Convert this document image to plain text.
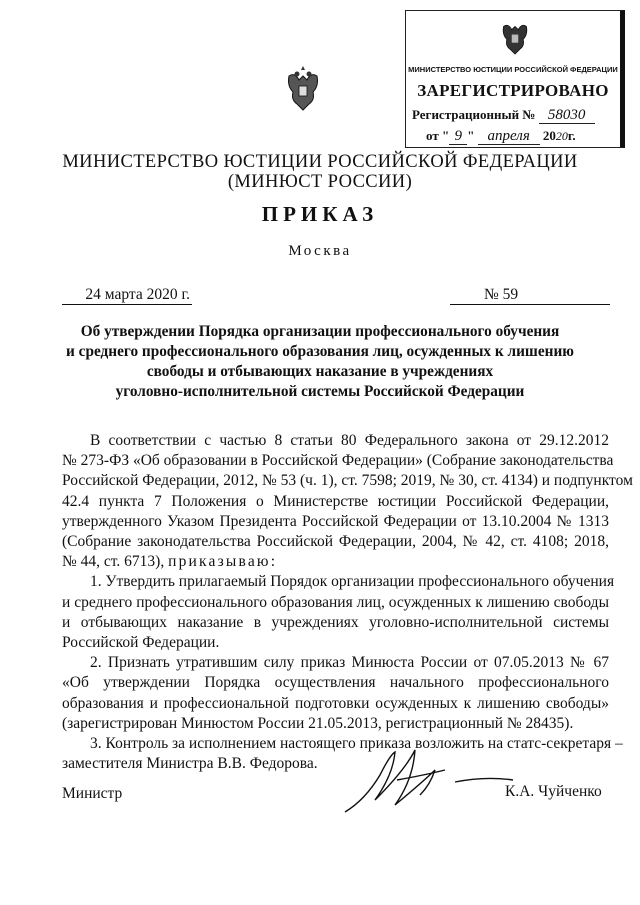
МИНИСТЕРСТВО ЮСТИЦИИ РОССИЙСКОЙ ФЕДЕРАЦИИ
ЗАРЕГИСТРИРОВАНО
Регистрационный № 58030
от " 9 " апреля 2020г.
МИНИСТЕРСТВО ЮСТИЦИИ РОССИЙСКОЙ ФЕДЕРАЦИИ
(МИНЮСТ РОССИИ)
ПРИКАЗ
Москва
24 марта 2020 г.	№ 59
Об утверждении Порядка организации профессионального обучения
и среднего профессионального образования лиц, осужденных к лишению
свободы и отбывающих наказание в учреждениях
уголовно-исполнительной системы Российской Федерации
В соответствии с частью 8 статьи 80 Федерального закона от 29.12.2012
№ 273-ФЗ «Об образовании в Российской Федерации» (Собрание законодательства
Российской Федерации, 2012, № 53 (ч. 1), ст. 7598; 2019, № 30, ст. 4134) и подпунктом
42.4 пункта 7 Положения о Министерстве юстиции Российской Федерации,
утвержденного Указом Президента Российской Федерации от 13.10.2004 № 1313
(Собрание законодательства Российской Федерации, 2004, № 42, ст. 4108; 2018,
№ 44, ст. 6713), приказываю:
1. Утвердить прилагаемый Порядок организации профессионального обучения
и среднего профессионального образования лиц, осужденных к лишению свободы
и отбывающих наказание в учреждениях уголовно-исполнительной системы
Российской Федерации.
2. Признать утратившим силу приказ Минюста России от 07.05.2013 № 67
«Об утверждении Порядка осуществления начального профессионального
образования и профессиональной подготовки осужденных к лишению свободы»
(зарегистрирован Минюстом России 21.05.2013, регистрационный № 28435).
3. Контроль за исполнением настоящего приказа возложить на статс-секретаря –
заместителя Министра В.В. Федорова.
Министр	К.А. Чуйченко
